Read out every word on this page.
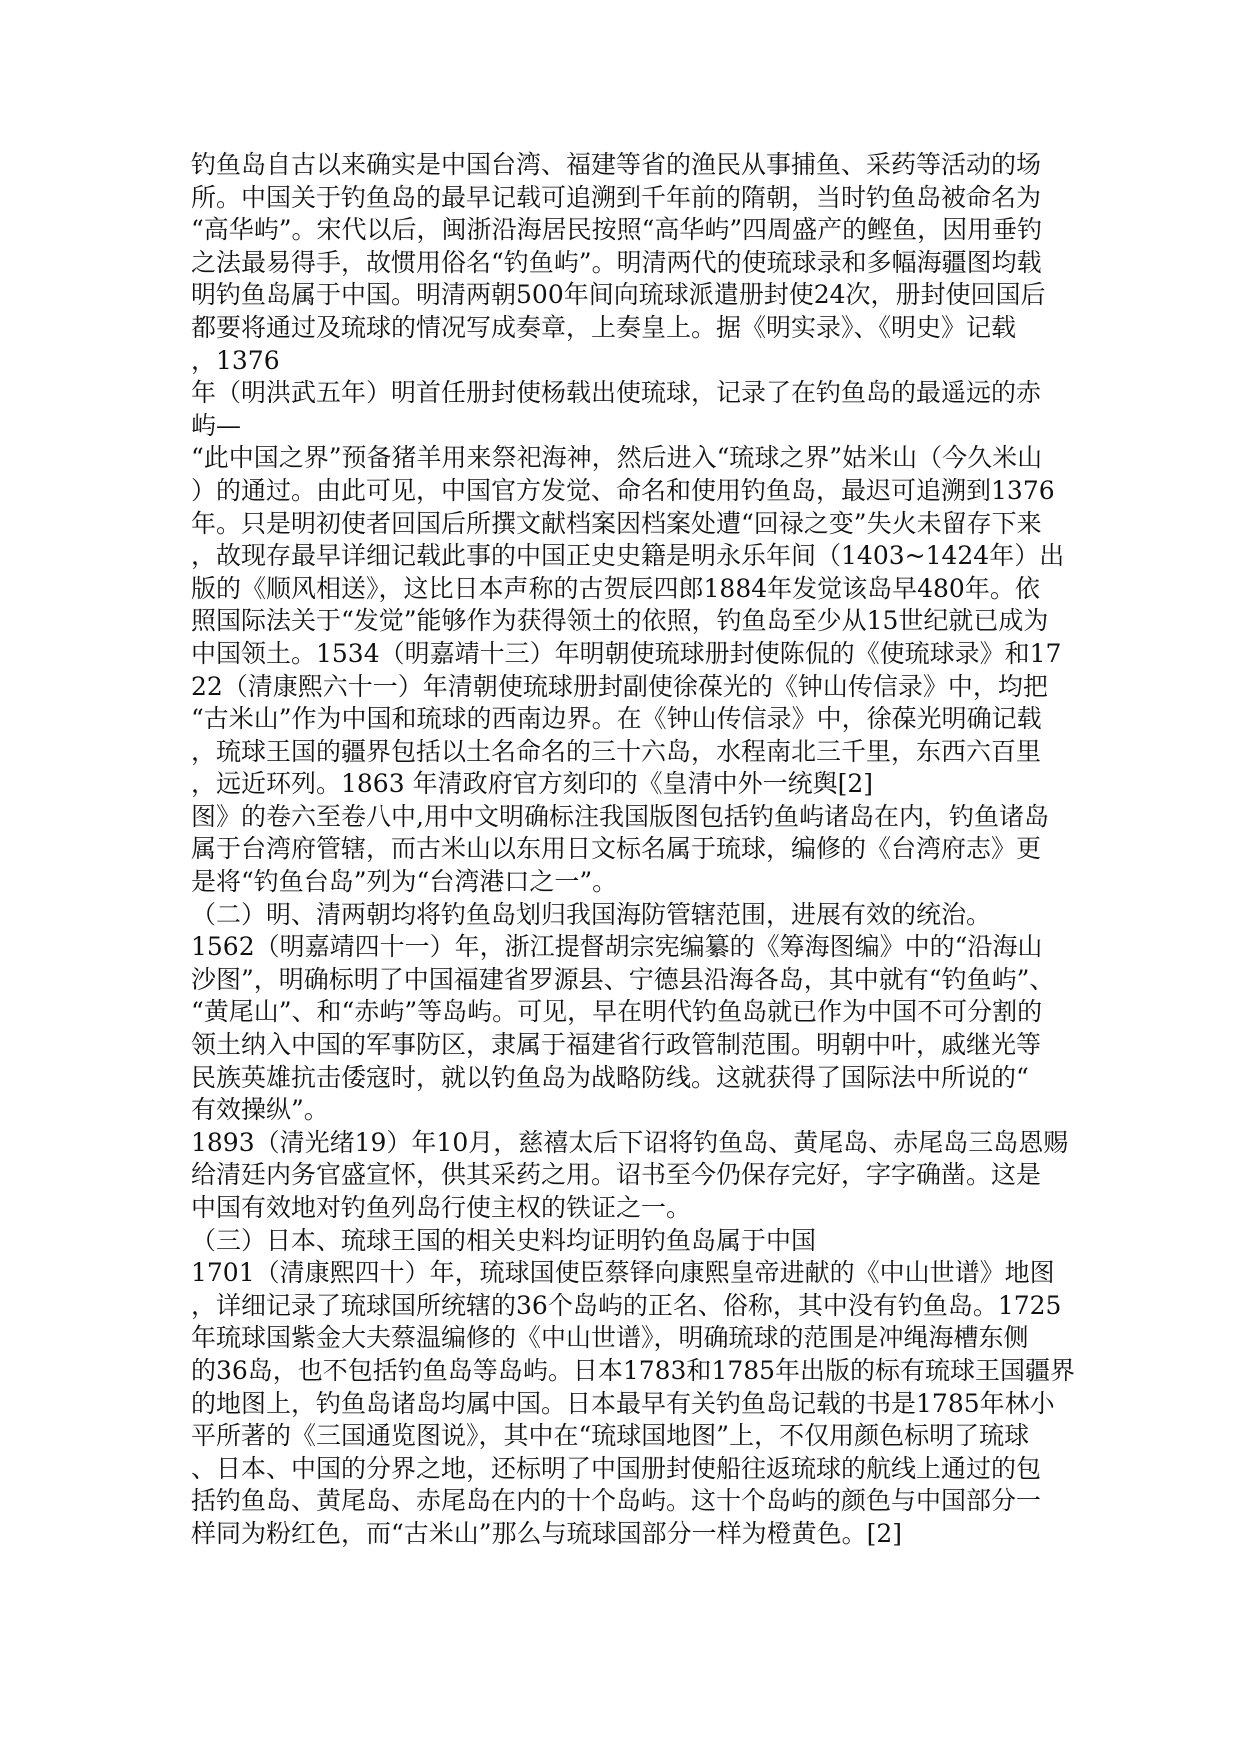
钓鱼岛自古以来确实是中国台湾、福建等省的渔民从事捕鱼、采药等活动的场
所。中国关于钓鱼岛的最早记载可追溯到千年前的隋朝，当时钓鱼岛被命名为
“高华屿”。宋代以后，闽浙沿海居民按照“高华屿”四周盛产的鲣鱼，因用垂钓
之法最易得手，故惯用俗名“钓鱼屿”。明清两代的使琉球录和多幅海疆图均载
明钓鱼岛属于中国。明清两朝500年间向琉球派遣册封使24次，册封使回国后
都要将通过及琉球的情况写成奏章，上奏皇上。据《明实录》、《明史》记载
，1376
年（明洪武五年）明首任册封使杨载出使琉球，记录了在钓鱼岛的最遥远的赤
屿—
“此中国之界”预备猪羊用来祭祀海神，然后进入“琉球之界”姑米山（今久米山
）的通过。由此可见，中国官方发觉、命名和使用钓鱼岛，最迟可追溯到1376
年。只是明初使者回国后所撰文献档案因档案处遭“回禄之变”失火未留存下来
，故现存最早详细记载此事的中国正史史籍是明永乐年间（1403~1424年）出
版的《顺风相送》，这比日本声称的古贺辰四郎1884年发觉该岛早480年。依
照国际法关于“发觉”能够作为获得领土的依照，钓鱼岛至少从15世纪就已成为
中国领土。1534（明嘉靖十三）年明朝使琉球册封使陈侃的《使琉球录》和17
22（清康熙六十一）年清朝使琉球册封副使徐葆光的《钟山传信录》中，均把
“古米山”作为中国和琉球的西南边界。在《钟山传信录》中，徐葆光明确记载
，琉球王国的疆界包括以土名命名的三十六岛，水程南北三千里，东西六百里
，远近环列。1863 年清政府官方刻印的《皇清中外一统舆[2]
图》的卷六至卷八中,用中文明确标注我国版图包括钓鱼屿诸岛在内，钓鱼诸岛
属于台湾府管辖，而古米山以东用日文标名属于琉球，编修的《台湾府志》更
是将“钓鱼台岛”列为“台湾港口之一”。
（二）明、清两朝均将钓鱼岛划归我国海防管辖范围，进展有效的统治。
1562（明嘉靖四十一）年，浙江提督胡宗宪编纂的《筹海图编》中的“沿海山
沙图”，明确标明了中国福建省罗源县、宁德县沿海各岛，其中就有“钓鱼屿”、
“黄尾山”、和“赤屿”等岛屿。可见，早在明代钓鱼岛就已作为中国不可分割的
领土纳入中国的军事防区，隶属于福建省行政管制范围。明朝中叶，戚继光等
民族英雄抗击倭寇时，就以钓鱼岛为战略防线。这就获得了国际法中所说的“
有效操纵”。
1893（清光绪19）年10月，慈禧太后下诏将钓鱼岛、黄尾岛、赤尾岛三岛恩赐
给清廷内务官盛宣怀，供其采药之用。诏书至今仍保存完好，字字确凿。这是
中国有效地对钓鱼列岛行使主权的铁证之一。
（三）日本、琉球王国的相关史料均证明钓鱼岛属于中国
1701（清康熙四十）年，琉球国使臣蔡铎向康熙皇帝进献的《中山世谱》地图
，详细记录了琉球国所统辖的36个岛屿的正名、俗称，其中没有钓鱼岛。1725
年琉球国紫金大夫蔡温编修的《中山世谱》，明确琉球的范围是冲绳海槽东侧
的36岛，也不包括钓鱼岛等岛屿。日本1783和1785年出版的标有琉球王国疆界
的地图上，钓鱼岛诸岛均属中国。日本最早有关钓鱼岛记载的书是1785年林小
平所著的《三国通览图说》，其中在“琉球国地图”上，不仅用颜色标明了琉球
、日本、中国的分界之地，还标明了中国册封使船往返琉球的航线上通过的包
括钓鱼岛、黄尾岛、赤尾岛在内的十个岛屿。这十个岛屿的颜色与中国部分一
样同为粉红色，而“古米山”那么与琉球国部分一样为橙黄色。[2]
